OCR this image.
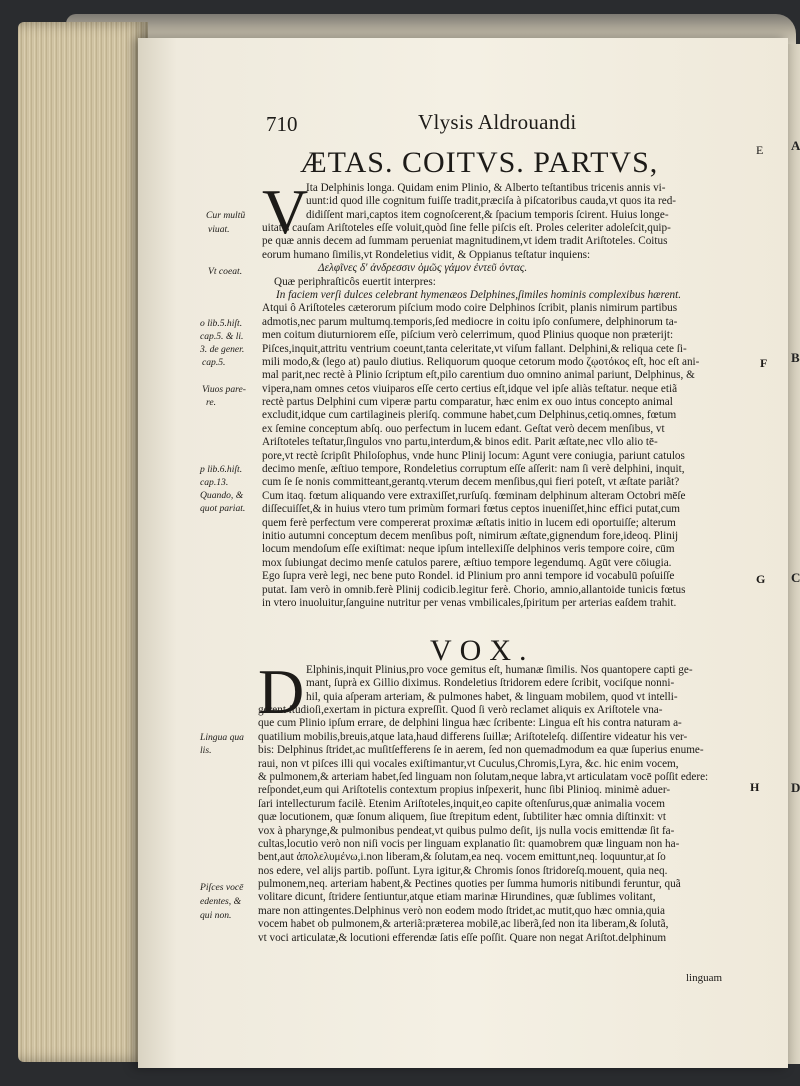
A
B
C
D
710	Vlysis Aldrouandi
E
ÆTAS. COITVS. PARTVS,
V
Ita Delphinis longa. Quidam enim Plinio, & Alberto teſtantibus tricenis annis vi-
uunt:id quod ille cognitum fuiſſe tradit,præciſa à piſcatoribus cauda,vt quos ita red-
didiſſent mari,captos item cognoſcerent,& ſpacium temporis ſcirent. Huius longe-
uitatis cauſam Ariſtoteles eſſe voluit,quòd ſine felle piſcis eſt. Proles celeriter adoleſcit,quip-
pe quæ annis decem ad ſummam perueniat magnitudinem,vt idem tradit Ariſtoteles. Coitus
eorum humano ſimilis,vt Rondeletius vidit, & Oppianus teſtatur inquiens:
Δελφῖνες δ' ἀνδρεσσιν ὁμῶς γάμον ἐντεῦ ὀντας.
Quæ periphraſticôs euertit interpres:
In faciem verſi dulces celebrant hymenæos Delphines,ſimiles hominis complexibus hærent.
Atqui ô Ariſtoteles cæterorum piſcium modo coire Delphinos ſcribit, planis nimirum partibus
admotis,nec parum multumq.temporis,ſed mediocre in coitu ipſo conſumere, delphinorum ta-
men coitum diuturniorem eſſe, piſcium verò celerrimum, quod Plinius quoque non præterijt:
Piſces,inquit,attritu ventrium coeunt,tanta celeritate,vt viſum fallant. Delphini,& reliqua cete ſi-
mili modo,& (lego at) paulo diutius. Reliquorum quoque cetorum modo ζῳοτόκος eſt, hoc eſt ani-
mal parit,nec rectè à Plinio ſcriptum eſt,pilo carentium duo omnino animal pariunt, Delphinus, &
vipera,nam omnes cetos viuiparos eſſe certo certius eſt,idque vel ipſe aliàs teſtatur. neque etiã
rectè partus Delphini cum viperæ partu comparatur, hæc enim ex ouo intus concepto animal
excludit,idque cum cartilagineis pleriſq. commune habet,cum Delphinus,cetiq.omnes, fœtum
ex ſemine conceptum abſq. ouo perfectum in lucem edant. Geſtat verò decem menſibus, vt
Ariſtoteles teſtatur,ſingulos vno partu,interdum,& binos edit. Parit æſtate,nec vllo alio tē-
pore,vt rectè ſcripſit Philoſophus, vnde hunc Plinij locum: Agunt vere coniugia, pariunt catulos
decimo menſe, æſtiuo tempore, Rondeletius corruptum eſſe aſſerit: nam ſi verè delphini, inquit,
cum ſe ſe nonis committeant,gerantq.vterum decem menſibus,qui fieri poteſt, vt æſtate pariãt?
Cum itaq. fœtum aliquando vere extraxiſſet,rurſuſq. fœminam delphinum alteram Octobri mēſe
diſſecuiſſet,& in huius vtero tum primùm formari fœtus ceptos inueniſſet,hinc effici putat,cum
quem ferè perfectum vere compererat proximæ æſtatis initio in lucem edi oportuiſſe; alterum
initio autumni conceptum decem menſibus poſt, nimirum æſtate,gignendum fore,ideoq. Plinij
locum mendoſum eſſe exiſtimat: neque ipſum intellexiſſe delphinos veris tempore coire, cūm
mox ſubiungat decimo menſe catulos parere, æſtiuo tempore legendumq. Agūt vere cōiugia.
Ego ſupra verè legi, nec bene puto Rondel. id Plinium pro anni tempore id vocabulū poſuiſſe
putat. Iam verò in omnib.ferè Plinij codicib.legitur ferè. Chorio, amnio,allantoide tunicis fœtus
in vtero inuoluitur,ſanguine nutritur per venas vmbilicales,ſpiritum per arterias eaſdem trahit.
VOX.
D Elphinis,inquit Plinius,pro voce gemitus eſt, humanæ ſimilis. Nos quantopere capti ge-
mant, ſuprà ex Gillio diximus. Rondeletius ſtridorem edere ſcribit, vociſque nonni-
hil, quia aſperam arteriam, & pulmones habet, & linguam mobilem, quod vt intelli-
gerent ſtudioſi,exertam in pictura expreſſit. Quod ſi verò reclamet aliquis ex Ariſtotele vna-
que cum Plinio ipſum errare, de delphini lingua hæc ſcribente: Lingua eſt his contra naturam a-
quatilium mobilis,breuis,atque lata,haud differens ſuillæ; Ariſtoteleſq. diſſentire videatur his ver-
bis: Delphinus ſtridet,ac muſitſefferens ſe in aerem, ſed non quemadmodum ea quæ ſuperius enume-
raui, non vt piſces illi qui vocales exiſtimantur,vt Cuculus,Chromis,Lyra, &c. hic enim vocem,
& pulmonem,& arteriam habet,ſed linguam non ſolutam,neque labra,vt articulatam vocē poſſit edere:
reſpondet,eum qui Ariſtotelis contextum propius inſpexerit, hunc ſibi Plinioq. minimè aduer-
ſari intellecturum facilè. Etenim Ariſtoteles,inquit,eo capite oſtenſurus,quæ animalia vocem
quæ locutionem, quæ ſonum aliquem, ſiue ſtrepitum edent, ſubtiliter hæc omnia diſtinxit: vt
vox à pharynge,& pulmonibus pendeat,vt quibus pulmo deſit, ijs nulla vocis emittendæ ſit fa-
cultas,locutio verò non niſi vocis per linguam explanatio ſit: quamobrem quæ linguam non ha-
bent,aut ἀπολελυμένω,i.non liberam,& ſolutam,ea neq. vocem emittunt,neq. loquuntur,at ſo
nos edere, vel alijs partib. poſſunt. Lyra igitur,& Chromis ſonos ſtridoreſq.mouent, quia neq.
pulmonem,neq. arteriam habent,& Pectines quoties per ſumma humoris nitibundi feruntur, quã
volitare dicunt, ſtridere ſentiuntur,atque etiam marinæ Hirundines, quæ ſublimes volitant,
mare non attingentes.Delphinus verò non eodem modo ſtridet,ac mutit,quo hæc omnia,quia
vocem habet ob pulmonem,& arteriã:præterea mobilē,ac liberã,ſed non ita liberam,& ſolutã,
vt voci articulatæ,& locutioni efferendæ ſatis eſſe poſſit. Quare non negat Ariſtot.delphinum
linguam
Cur multũ
viuat.
Vt coeat.
o lib.5.hiſt.
cap.5. & li.
3. de gener.
cap.5.
Viuos pare-
re.
p lib.6.hiſt.
cap.13.
Quando, &
quot pariat.
Lingua qua
lis.
Piſces vocē
edentes, &
qui non.
F
G
H
